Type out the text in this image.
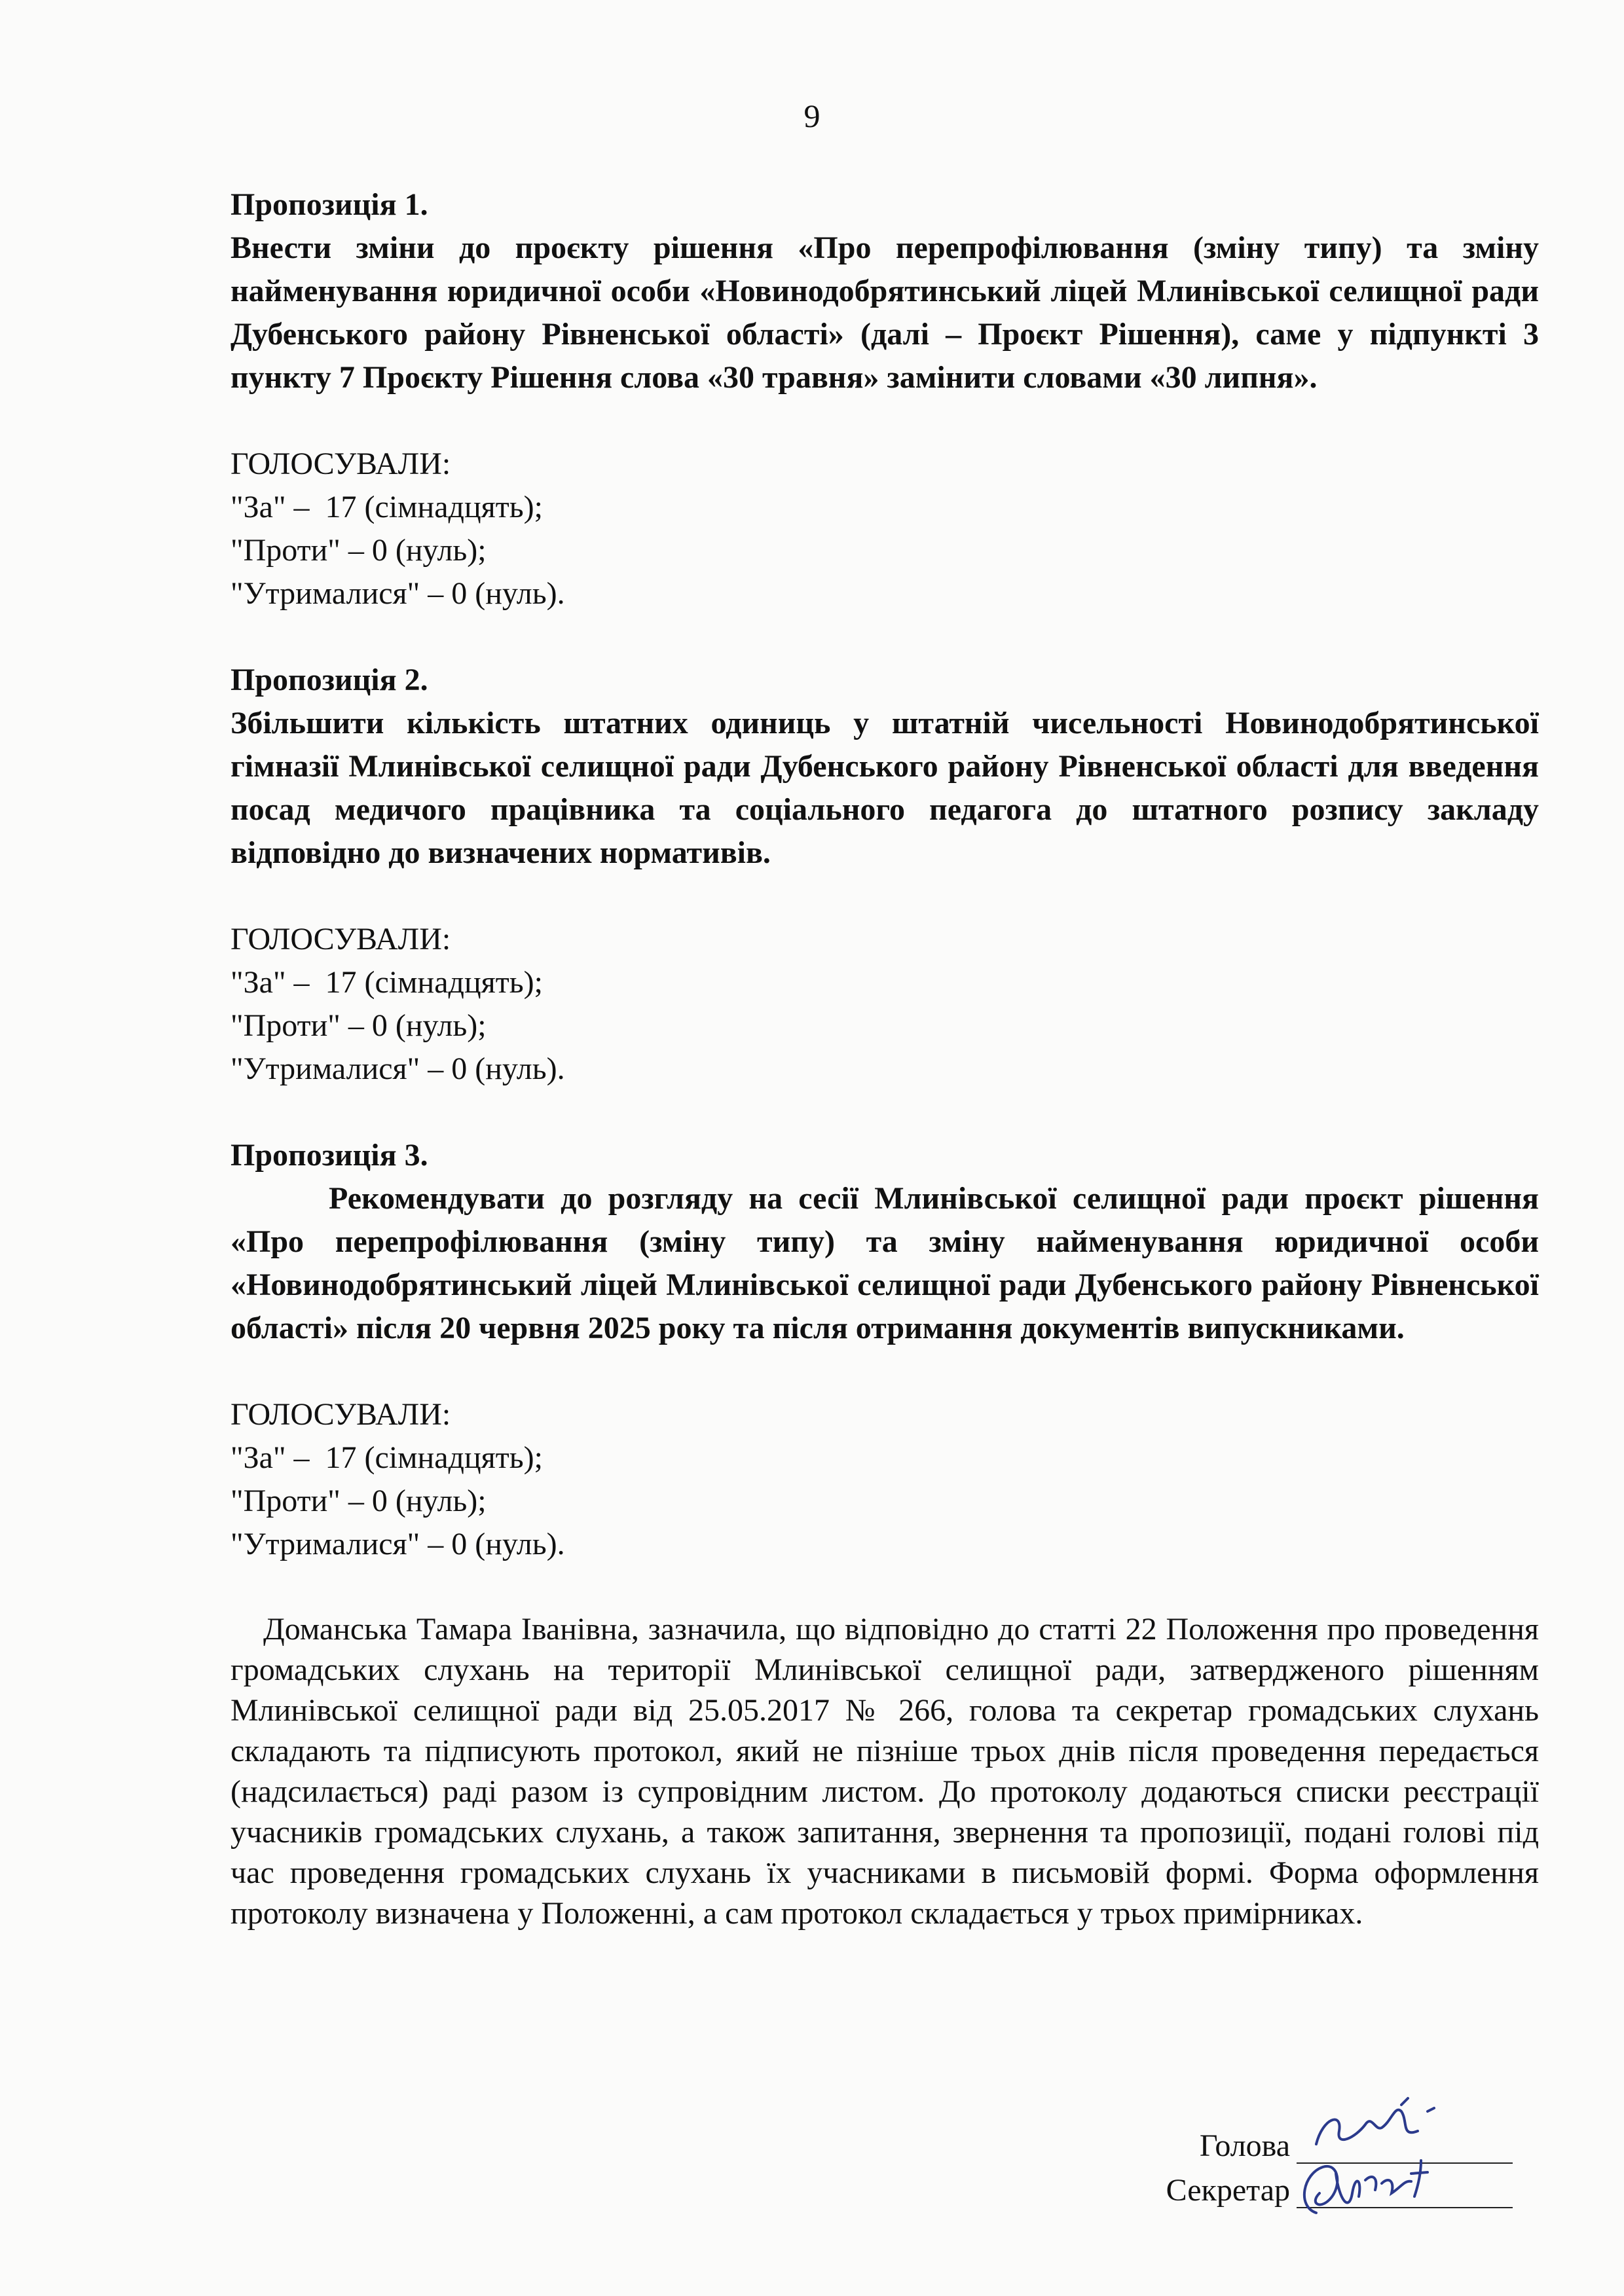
9
Пропозиція 1.
Внести зміни до проєкту рішення «Про перепрофілювання (зміну типу) та зміну найменування юридичної особи «Новинодобрятинський ліцей Млинівської селищної ради Дубенського району Рівненської області» (далі – Проєкт Рішення), саме у підпункті 3 пункту 7 Проєкту Рішення слова «30 травня» замінити словами «30 липня».
ГОЛОСУВАЛИ:
"За" –  17 (сімнадцять);
"Проти" – 0 (нуль);
"Утрималися" – 0 (нуль).
Пропозиція 2.
Збільшити кількість штатних одиниць у штатній чисельності Новинодобрятинської гімназії Млинівської селищної ради Дубенського району Рівненської області для введення посад медичого працівника та соціального педагога до штатного розпису закладу відповідно до визначених нормативів.
ГОЛОСУВАЛИ:
"За" –  17 (сімнадцять);
"Проти" – 0 (нуль);
"Утрималися" – 0 (нуль).
Пропозиція 3.
Рекомендувати до розгляду на сесії Млинівської селищної ради проєкт рішення «Про перепрофілювання (зміну типу) та зміну найменування юридичної особи «Новинодобрятинський ліцей Млинівської селищної ради Дубенського району Рівненської області» після 20 червня 2025 року та після отримання документів випускниками.
ГОЛОСУВАЛИ:
"За" –  17 (сімнадцять);
"Проти" – 0 (нуль);
"Утрималися" – 0 (нуль).
Доманська Тамара Іванівна, зазначила, що відповідно до статті 22 Положення про проведення громадських слухань на території Млинівської селищної ради, затвердженого рішенням Млинівської селищної ради від 25.05.2017 № 266, голова та секретар громадських слухань складають та підписують протокол, який не пізніше трьох днів після проведення передається (надсилається) раді разом із супровідним листом. До протоколу додаються списки реєстрації учасників громадських слухань, а також запитання, звернення та пропозиції, подані голові під час проведення громадських слухань їх учасниками в письмовій формі. Форма оформлення протоколу визначена у Положенні, а сам протокол складається у трьох примірниках.
Голова
Секретар
